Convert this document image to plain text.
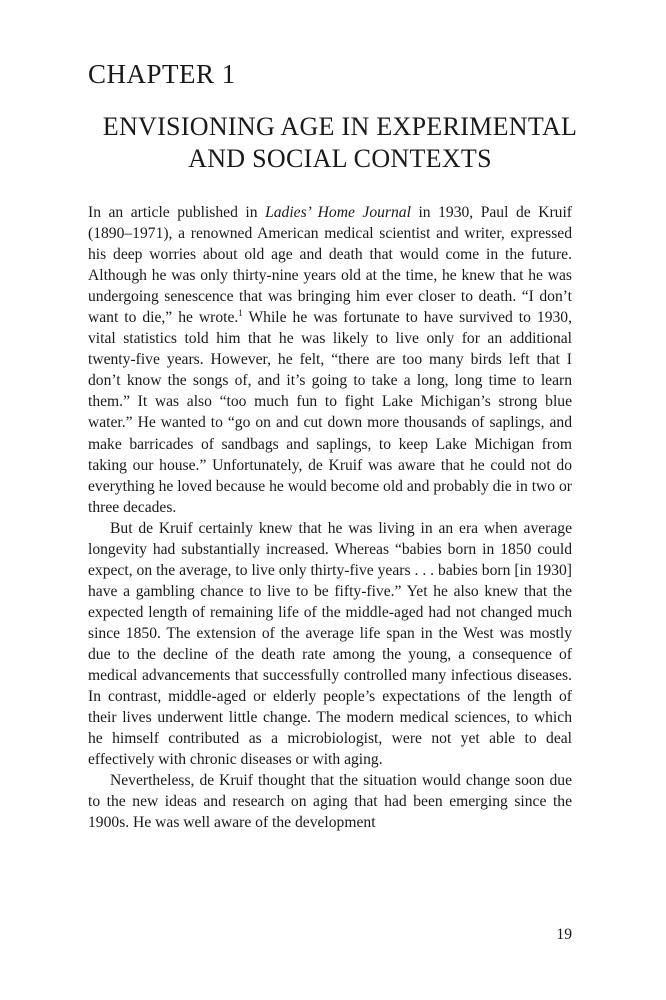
CHAPTER 1
ENVISIONING AGE IN EXPERIMENTAL
AND SOCIAL CONTEXTS

In an article published in Ladies’ Home Journal in 1930, Paul de Kruif (1890–1971), a renowned American medical scientist and writer, expressed his deep worries about old age and death that would come in the future. Although he was only thirty-nine years old at the time, he knew that he was undergoing senescence that was bringing him ever closer to death. “I don’t want to die,” he wrote.$^1$ While he was fortunate to have survived to 1930, vital statistics told him that he was likely to live only for an additional twenty-five years. However, he felt, “there are too many birds left that I don’t know the songs of, and it’s going to take a long, long time to learn them.” It was also “too much fun to fight Lake Michigan’s strong blue water.” He wanted to “go on and cut down more thousands of saplings, and make barricades of sandbags and saplings, to keep Lake Michigan from taking our house.” Unfortunately, de Kruif was aware that he could not do everything he loved because he would become old and probably die in two or three decades.

But de Kruif certainly knew that he was living in an era when average longevity had substantially increased. Whereas “babies born in 1850 could expect, on the average, to live only thirty-five years . . . babies born [in 1930] have a gambling chance to live to be fifty-five.” Yet he also knew that the expected length of remaining life of the middle-aged had not changed much since 1850. The extension of the average life span in the West was mostly due to the decline of the death rate among the young, a consequence of medical advancements that successfully controlled many infectious diseases. In contrast, middle-aged or elderly people’s expectations of the length of their lives underwent little change. The modern medical sciences, to which he himself contributed as a microbiologist, were not yet able to deal effectively with chronic diseases or with aging.

Nevertheless, de Kruif thought that the situation would change soon due to the new ideas and research on aging that had been emerging since the 1900s. He was well aware of the development

19
